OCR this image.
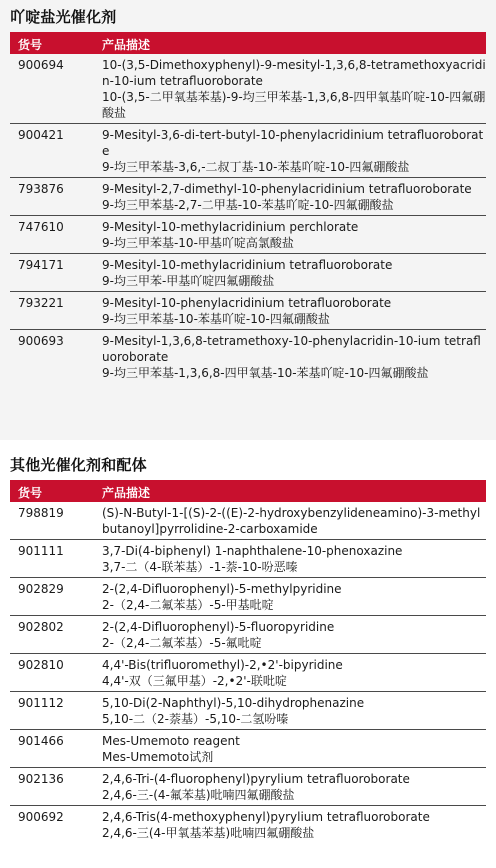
吖啶盐光催化剂
货号	产品描述
900694	10-(3,5-Dimethoxyphenyl)-9-mesityl-1,3,6,8-tetramethoxyacridin-10-ium tetrafluoroborate
10-(3,5-二甲氧基苯基)-9-均三甲苯基-1,3,6,8-四甲氧基吖啶-10-四氟硼酸盐
900421	9-Mesityl-3,6-di-tert-butyl-10-phenylacridinium tetrafluoroborate
9-均三甲苯基-3,6,-二叔丁基-10-苯基吖啶-10-四氟硼酸盐
793876	9-Mesityl-2,7-dimethyl-10-phenylacridinium tetrafluoroborate
9-均三甲苯基-2,7-二甲基-10-苯基吖啶-10-四氟硼酸盐
747610	9-Mesityl-10-methylacridinium perchlorate
9-均三甲苯基-10-甲基吖啶高氯酸盐
794171	9-Mesityl-10-methylacridinium tetrafluoroborate
9-均三甲苯-甲基吖啶四氟硼酸盐
793221	9-Mesityl-10-phenylacridinium tetrafluoroborate
9-均三甲苯基-10-苯基吖啶-10-四氟硼酸盐
900693	9-Mesityl-1,3,6,8-tetramethoxy-10-phenylacridin-10-ium tetrafluoroborate
9-均三甲苯基-1,3,6,8-四甲氧基-10-苯基吖啶-10-四氟硼酸盐
其他光催化剂和配体
货号	产品描述
798819	(S)-N-Butyl-1-[(S)-2-((E)-2-hydroxybenzylideneamino)-3-methylbutanoyl]pyrrolidine-2-carboxamide
901111	3,7-Di(4-biphenyl) 1-naphthalene-10-phenoxazine
3,7-二（4-联苯基）-1-萘-10-吩恶嗪
902829	2-(2,4-Difluorophenyl)-5-methylpyridine
2-（2,4-二氟苯基）-5-甲基吡啶
902802	2-(2,4-Difluorophenyl)-5-fluoropyridine
2-（2,4-二氟苯基）-5-氟吡啶
902810	4,4'-Bis(trifluoromethyl)-2,•2'-bipyridine
4,4'-双（三氟甲基）-2,•2'-联吡啶
901112	5,10-Di(2-Naphthyl)-5,10-dihydrophenazine
5,10-二（2-萘基）-5,10-二氢吩嗪
901466	Mes-Umemoto reagent
Mes-Umemoto试剂
902136	2,4,6-Tri-(4-fluorophenyl)pyrylium tetrafluoroborate
2,4,6-三-(4-氟苯基)吡喃四氟硼酸盐
900692	2,4,6-Tris(4-methoxyphenyl)pyrylium tetrafluoroborate
2,4,6-三(4-甲氧基苯基)吡喃四氟硼酸盐
